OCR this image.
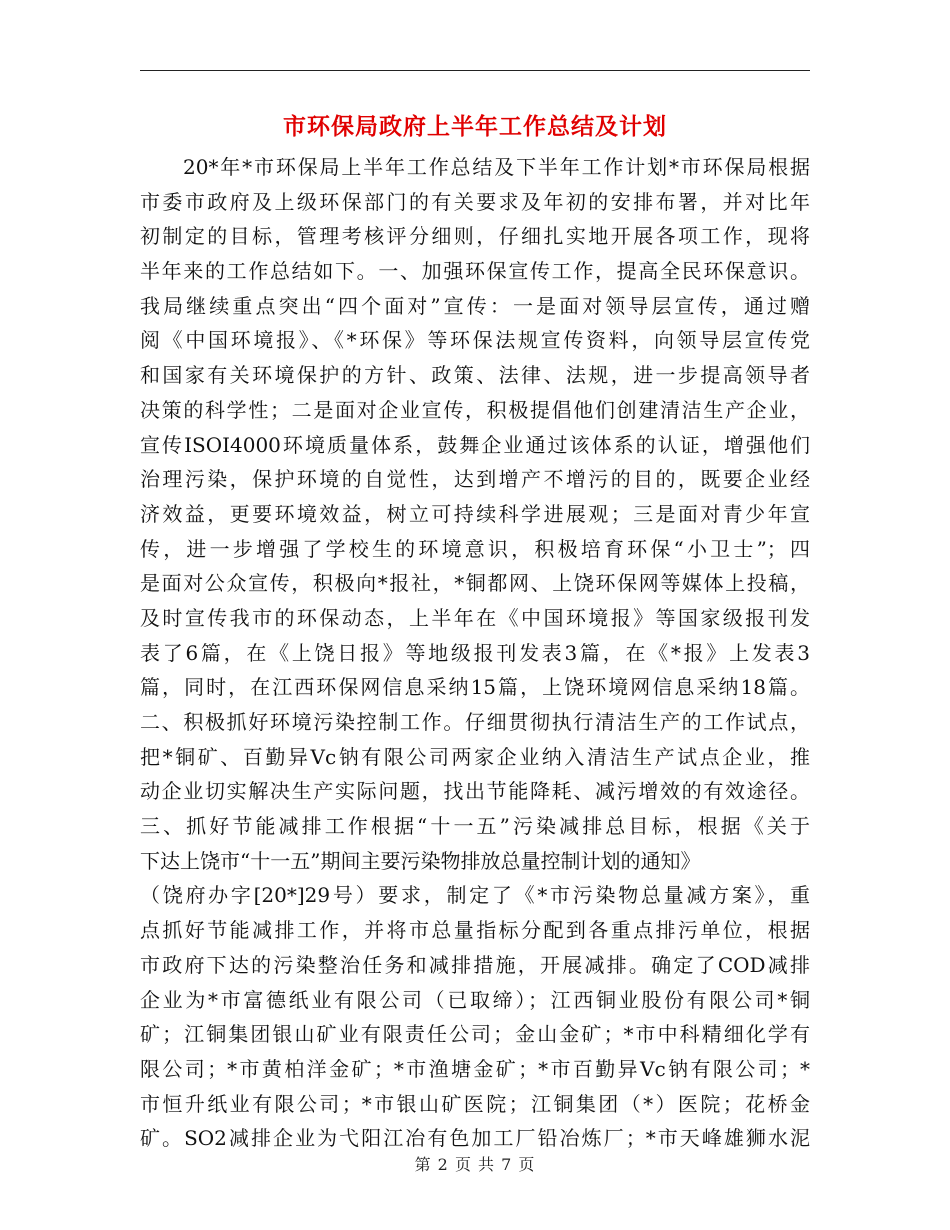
市环保局政府上半年工作总结及计划
20*年*市环保局上半年工作总结及下半年工作计划*市环保局根据
市委市政府及上级环保部门的有关要求及年初的安排布署，并对比年
初制定的目标，管理考核评分细则，仔细扎实地开展各项工作，现将
半年来的工作总结如下。一、加强环保宣传工作，提高全民环保意识。
我局继续重点突出“四个面对”宣传：一是面对领导层宣传，通过赠
阅《中国环境报》、《*环保》等环保法规宣传资料，向领导层宣传党
和国家有关环境保护的方针、政策、法律、法规，进一步提高领导者
决策的科学性；二是面对企业宣传，积极提倡他们创建清洁生产企业，
宣传ISOI4000环境质量体系，鼓舞企业通过该体系的认证，增强他们
治理污染，保护环境的自觉性，达到增产不增污的目的，既要企业经
济效益，更要环境效益，树立可持续科学进展观；三是面对青少年宣
传，进一步增强了学校生的环境意识，积极培育环保“小卫士”；四
是面对公众宣传，积极向*报社，*铜都网、上饶环保网等媒体上投稿，
及时宣传我市的环保动态，上半年在《中国环境报》等国家级报刊发
表了6篇，在《上饶日报》等地级报刊发表3篇，在《*报》上发表3
篇，同时，在江西环保网信息采纳15篇，上饶环境网信息采纳18篇。
二、积极抓好环境污染控制工作。仔细贯彻执行清洁生产的工作试点，
把*铜矿、百勤异Vc钠有限公司两家企业纳入清洁生产试点企业，推
动企业切实解决生产实际问题，找出节能降耗、减污增效的有效途径。
三、抓好节能减排工作根据“十一五”污染减排总目标，根据《关于
下达上饶市“十一五”期间主要污染物排放总量控制计划的通知》
（饶府办字[20*]29号）要求，制定了《*市污染物总量减方案》，重
点抓好节能减排工作，并将市总量指标分配到各重点排污单位，根据
市政府下达的污染整治任务和减排措施，开展减排。确定了COD减排
企业为*市富德纸业有限公司（已取缔）；江西铜业股份有限公司*铜
矿；江铜集团银山矿业有限责任公司；金山金矿；*市中科精细化学有
限公司；*市黄柏洋金矿；*市渔塘金矿；*市百勤异Vc钠有限公司；*
市恒升纸业有限公司；*市银山矿医院；江铜集团（*）医院；花桥金
矿。SO2减排企业为弋阳江冶有色加工厂铅冶炼厂；*市天峰雄狮水泥
第 2 页 共 7 页
